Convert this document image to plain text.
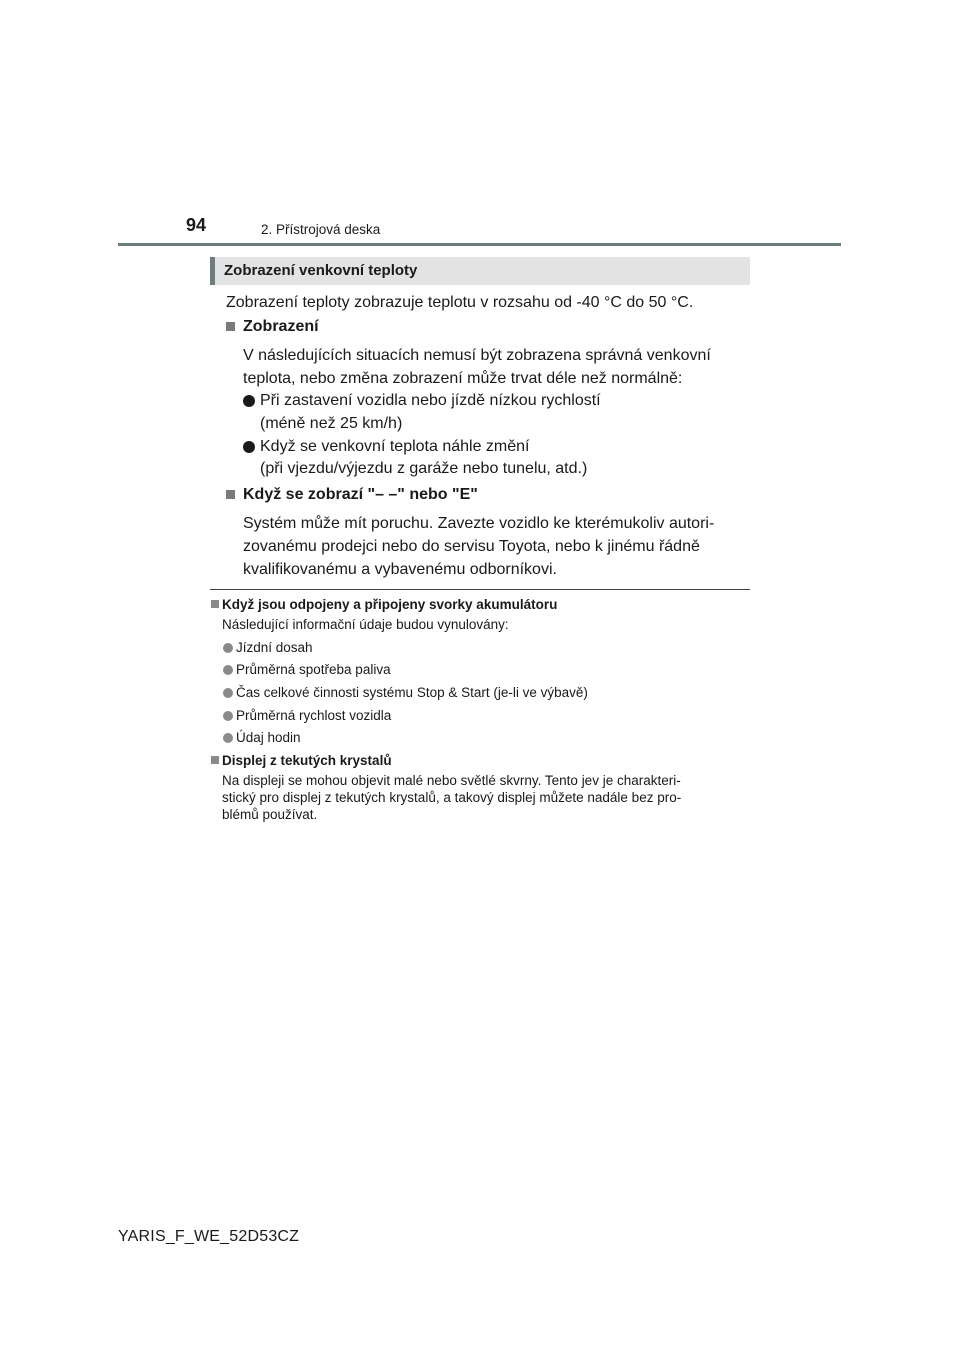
94	2. Přístrojová deska
Zobrazení venkovní teploty
Zobrazení teploty zobrazuje teplotu v rozsahu od -40 °C do 50 °C.
Zobrazení
V následujících situacích nemusí být zobrazena správná venkovní
teplota, nebo změna zobrazení může trvat déle než normálně:
Při zastavení vozidla nebo jízdě nízkou rychlostí
(méně než 25 km/h)
Když se venkovní teplota náhle změní
(při vjezdu/výjezdu z garáže nebo tunelu, atd.)
Když se zobrazí "– –" nebo "E"
Systém může mít poruchu. Zavezte vozidlo ke kterémukoliv autori-
zovanému prodejci nebo do servisu Toyota, nebo k jinému řádně
kvalifikovanému a vybavenému odborníkovi.
Když jsou odpojeny a připojeny svorky akumulátoru
Následující informační údaje budou vynulovány:
Jízdní dosah
Průměrná spotřeba paliva
Čas celkové činnosti systému Stop & Start (je-li ve výbavě)
Průměrná rychlost vozidla
Údaj hodin
Displej z tekutých krystalů
Na displeji se mohou objevit malé nebo světlé skvrny. Tento jev je charakteri-
stický pro displej z tekutých krystalů, a takový displej můžete nadále bez pro-
blémů používat.
YARIS_F_WE_52D53CZ
